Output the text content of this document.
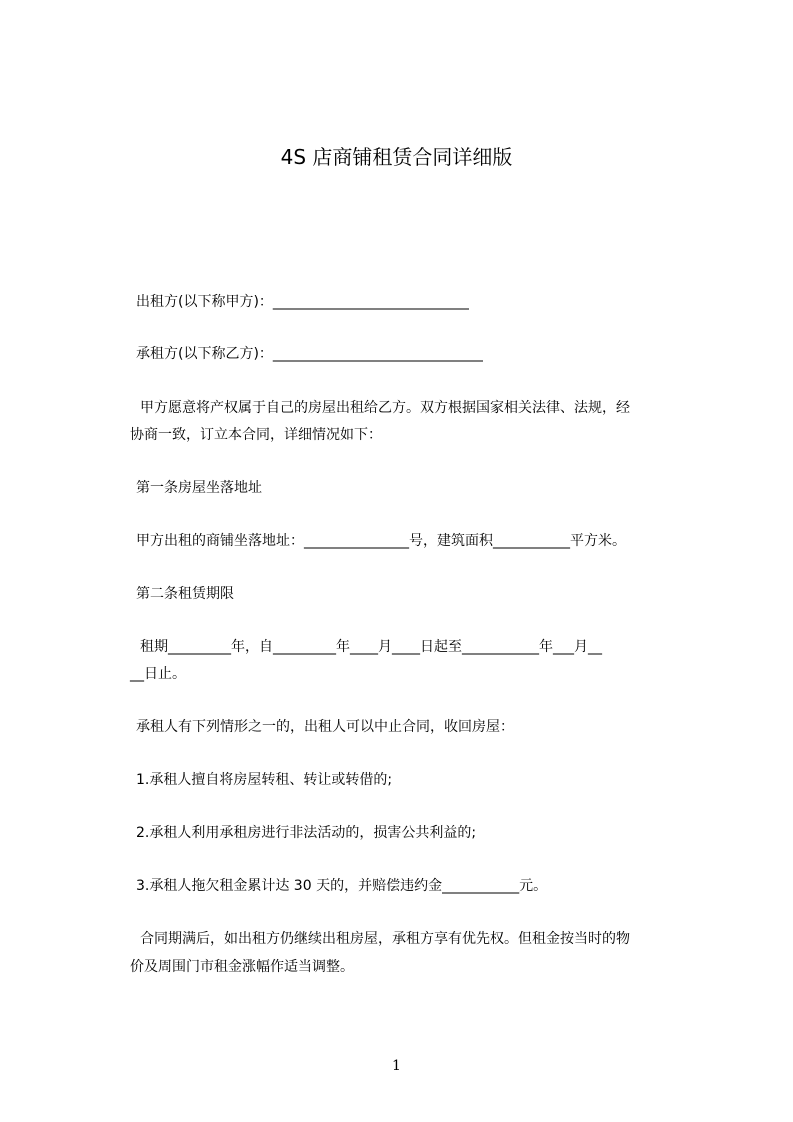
4S 店商铺租赁合同详细版
出租方(以下称甲方)：____________________________
承租方(以下称乙方)：______________________________
甲方愿意将产权属于自己的房屋出租给乙方。双方根据国家相关法律、法规，经
协商一致，订立本合同，详细情况如下：
第一条房屋坐落地址
甲方出租的商铺坐落地址：_______________号，建筑面积___________平方米。
第二条租赁期限
租期_________年，自_________年____月____日起至___________年___月__
__日止。
承租人有下列情形之一的，出租人可以中止合同，收回房屋：
1.承租人擅自将房屋转租、转让或转借的;
2.承租人利用承租房进行非法活动的，损害公共利益的;
3.承租人拖欠租金累计达 30 天的，并赔偿违约金___________元。
合同期满后，如出租方仍继续出租房屋，承租方享有优先权。但租金按当时的物
价及周围门市租金涨幅作适当调整。
1
